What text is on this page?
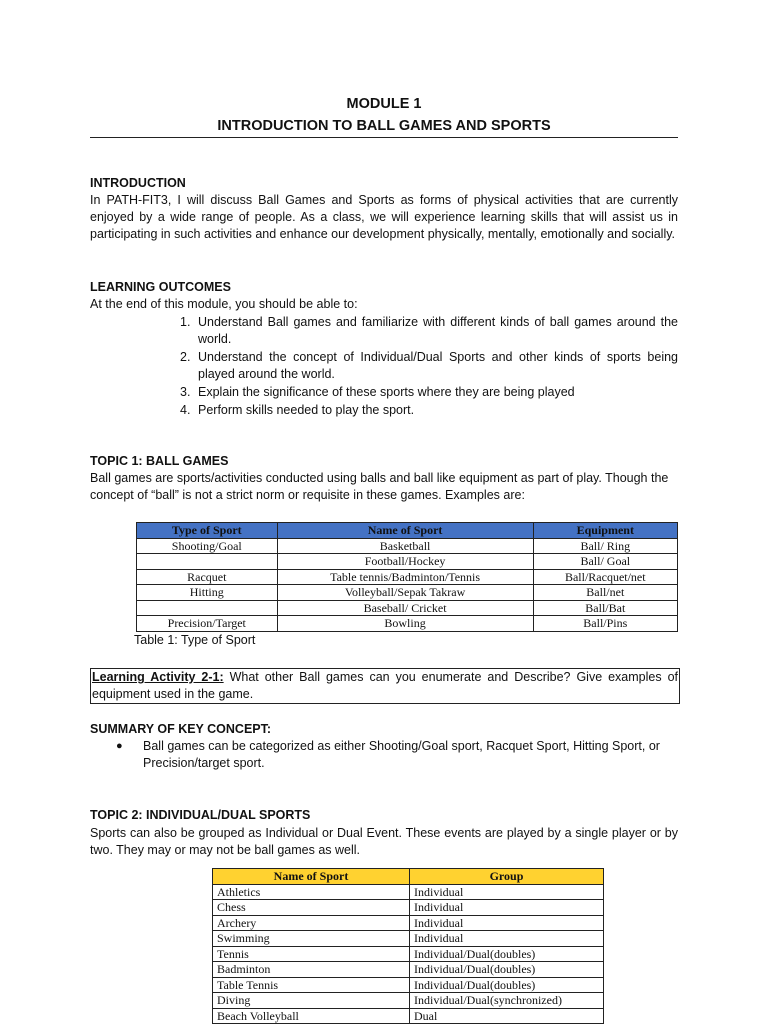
MODULE 1
INTRODUCTION TO BALL GAMES AND SPORTS
INTRODUCTION
In PATH-FIT3, I will discuss Ball Games and Sports as forms of physical activities that are currently enjoyed by a wide range of people. As a class, we will experience learning skills that will assist us in participating in such activities and enhance our development physically, mentally, emotionally and socially.
LEARNING OUTCOMES
At the end of this module, you should be able to:
1. Understand Ball games and familiarize with different kinds of ball games around the world.
2. Understand the concept of Individual/Dual Sports and other kinds of sports being played around the world.
3. Explain the significance of these sports where they are being played
4. Perform skills needed to play the sport.
TOPIC 1: BALL GAMES
Ball games are sports/activities conducted using balls and ball like equipment as part of play. Though the concept of “ball” is not a strict norm or requisite in these games. Examples are:
Type of Sport	Name of Sport	Equipment
Shooting/Goal	Basketball	Ball/ Ring
	Football/Hockey	Ball/ Goal
Racquet	Table tennis/Badminton/Tennis	Ball/Racquet/net
Hitting	Volleyball/Sepak Takraw	Ball/net
	Baseball/ Cricket	Ball/Bat
Precision/Target	Bowling	Ball/Pins
Table 1: Type of Sport
Learning Activity 2-1: What other Ball games can you enumerate and Describe? Give examples of equipment used in the game.
SUMMARY OF KEY CONCEPT:
●	Ball games can be categorized as either Shooting/Goal sport, Racquet Sport, Hitting Sport, or Precision/target sport.
TOPIC 2: INDIVIDUAL/DUAL SPORTS
Sports can also be grouped as Individual or Dual Event. These events are played by a single player or by two. They may or may not be ball games as well.
Name of Sport	Group
Athletics	Individual
Chess	Individual
Archery	Individual
Swimming	Individual
Tennis	Individual/Dual(doubles)
Badminton	Individual/Dual(doubles)
Table Tennis	Individual/Dual(doubles)
Diving	Individual/Dual(synchronized)
Beach Volleyball	Dual
